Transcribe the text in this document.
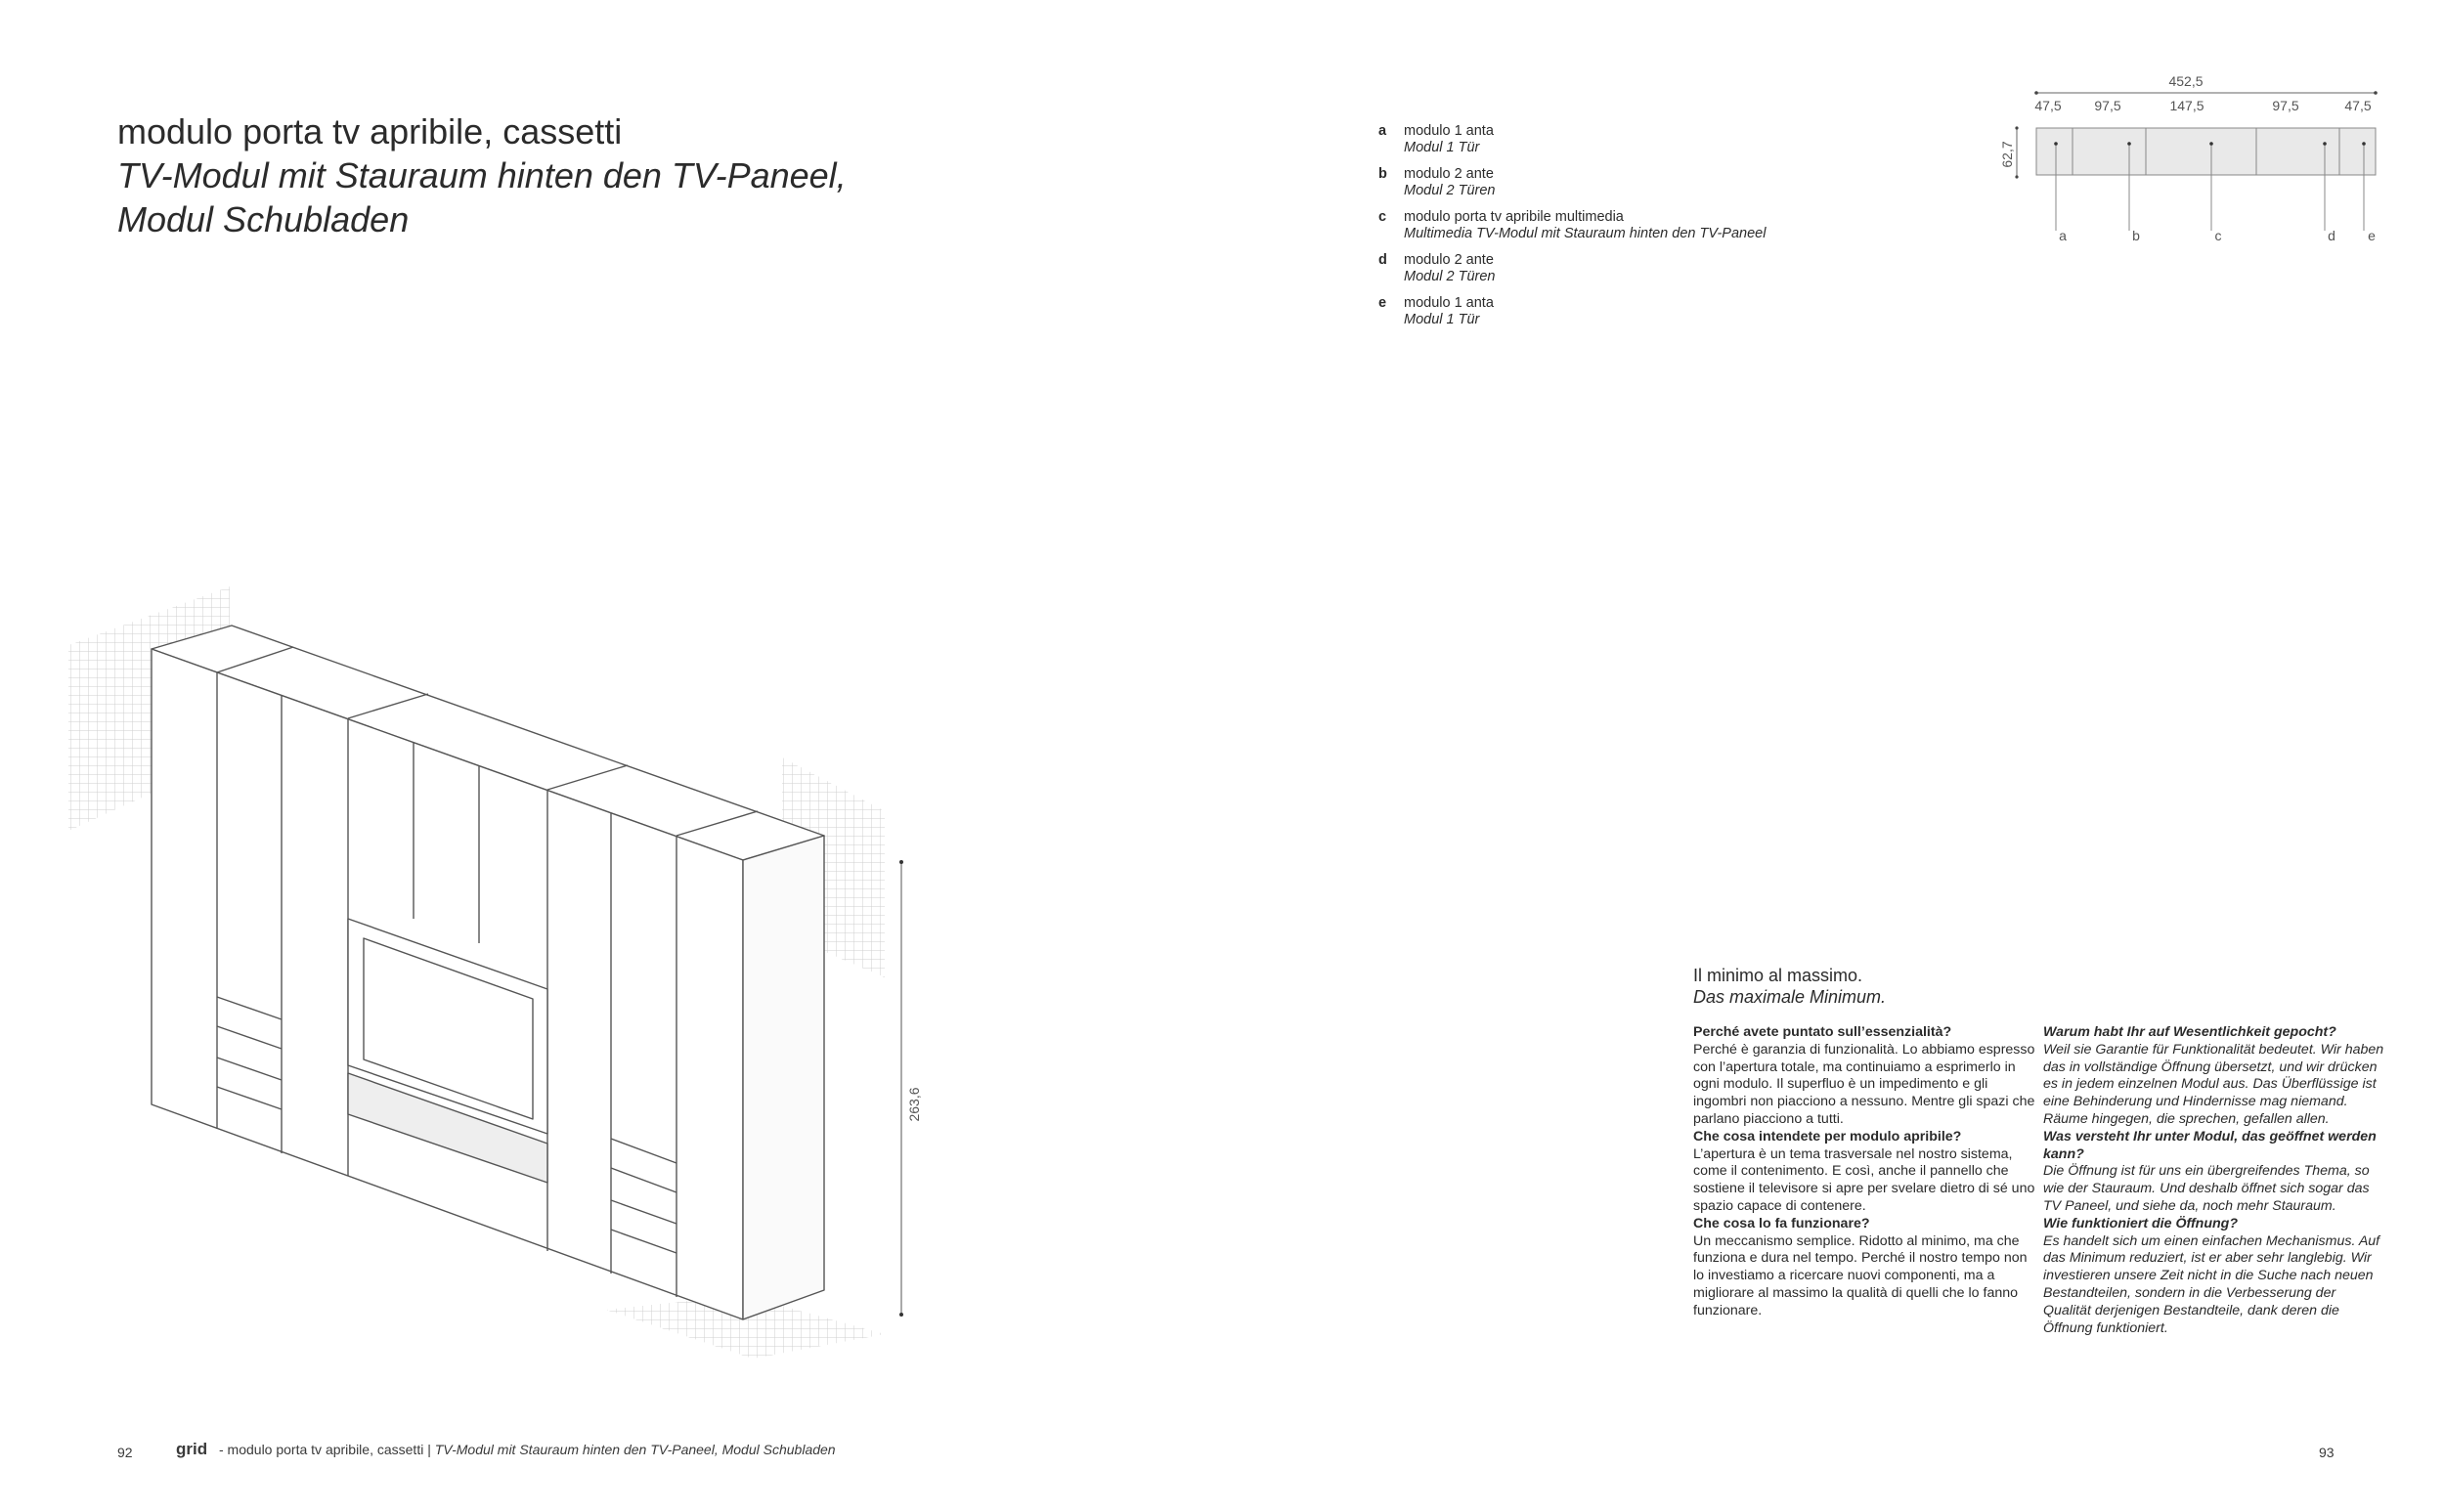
modulo porta tv apribile, cassetti
TV-Modul mit Stauraum hinten den TV-Paneel,
Modul Schubladen
a modulo 1 anta
Modul 1 Tür
b modulo 2 ante
Modul 2 Türen
c modulo porta tv apribile multimedia
Multimedia TV-Modul mit Stauraum hinten den TV-Paneel
d modulo 2 ante
Modul 2 Türen
e modulo 1 anta
Modul 1 Tür
452,5
47,5 97,5	147,5	97,5	47,5
62,7
a	b	c	d e
263,6
Il minimo al massimo.
Das maximale Minimum.
Perché avete puntato sull’essenzialità?
Perché è garanzia di funzionalità. Lo abbiamo espresso con l’apertura totale, ma continuiamo a esprimerlo in ogni modulo. Il superfluo è un impedimento e gli ingombri non piacciono a nessuno. Mentre gli spazi che parlano piacciono a tutti.
Che cosa intendete per modulo apribile?
L’apertura è un tema trasversale nel nostro sistema, come il contenimento. E così, anche il pannello che sostiene il televisore si apre per svelare dietro di sé uno spazio capace di contenere.
Che cosa lo fa funzionare?
Un meccanismo semplice. Ridotto al minimo, ma che funziona e dura nel tempo. Perché il nostro tempo non lo investiamo a ricercare nuovi componenti, ma a migliorare al massimo la qualità di quelli che lo fanno funzionare.
Warum habt Ihr auf Wesentlichkeit gepocht?
Weil sie Garantie für Funktionalität bedeutet. Wir haben das in vollständige Öffnung übersetzt, und wir drücken es in jedem einzelnen Modul aus. Das Überflüssige ist eine Behinderung und Hindernisse mag niemand. Räume hingegen, die sprechen, gefallen allen.
Was versteht Ihr unter Modul, das geöffnet werden kann?
Die Öffnung ist für uns ein übergreifendes Thema, so wie der Stauraum. Und deshalb öffnet sich sogar das TV Paneel, und siehe da, noch mehr Stauraum.
Wie funktioniert die Öffnung?
Es handelt sich um einen einfachen Mechanismus. Auf das Minimum reduziert, ist er aber sehr langlebig. Wir investieren unsere Zeit nicht in die Suche nach neuen Bestandteilen, sondern in die Verbesserung der Qualität derjenigen Bestandteile, dank deren die Öffnung funktioniert.
92	grid - modulo porta tv apribile, cassetti | TV-Modul mit Stauraum hinten den TV-Paneel, Modul Schubladen	93
